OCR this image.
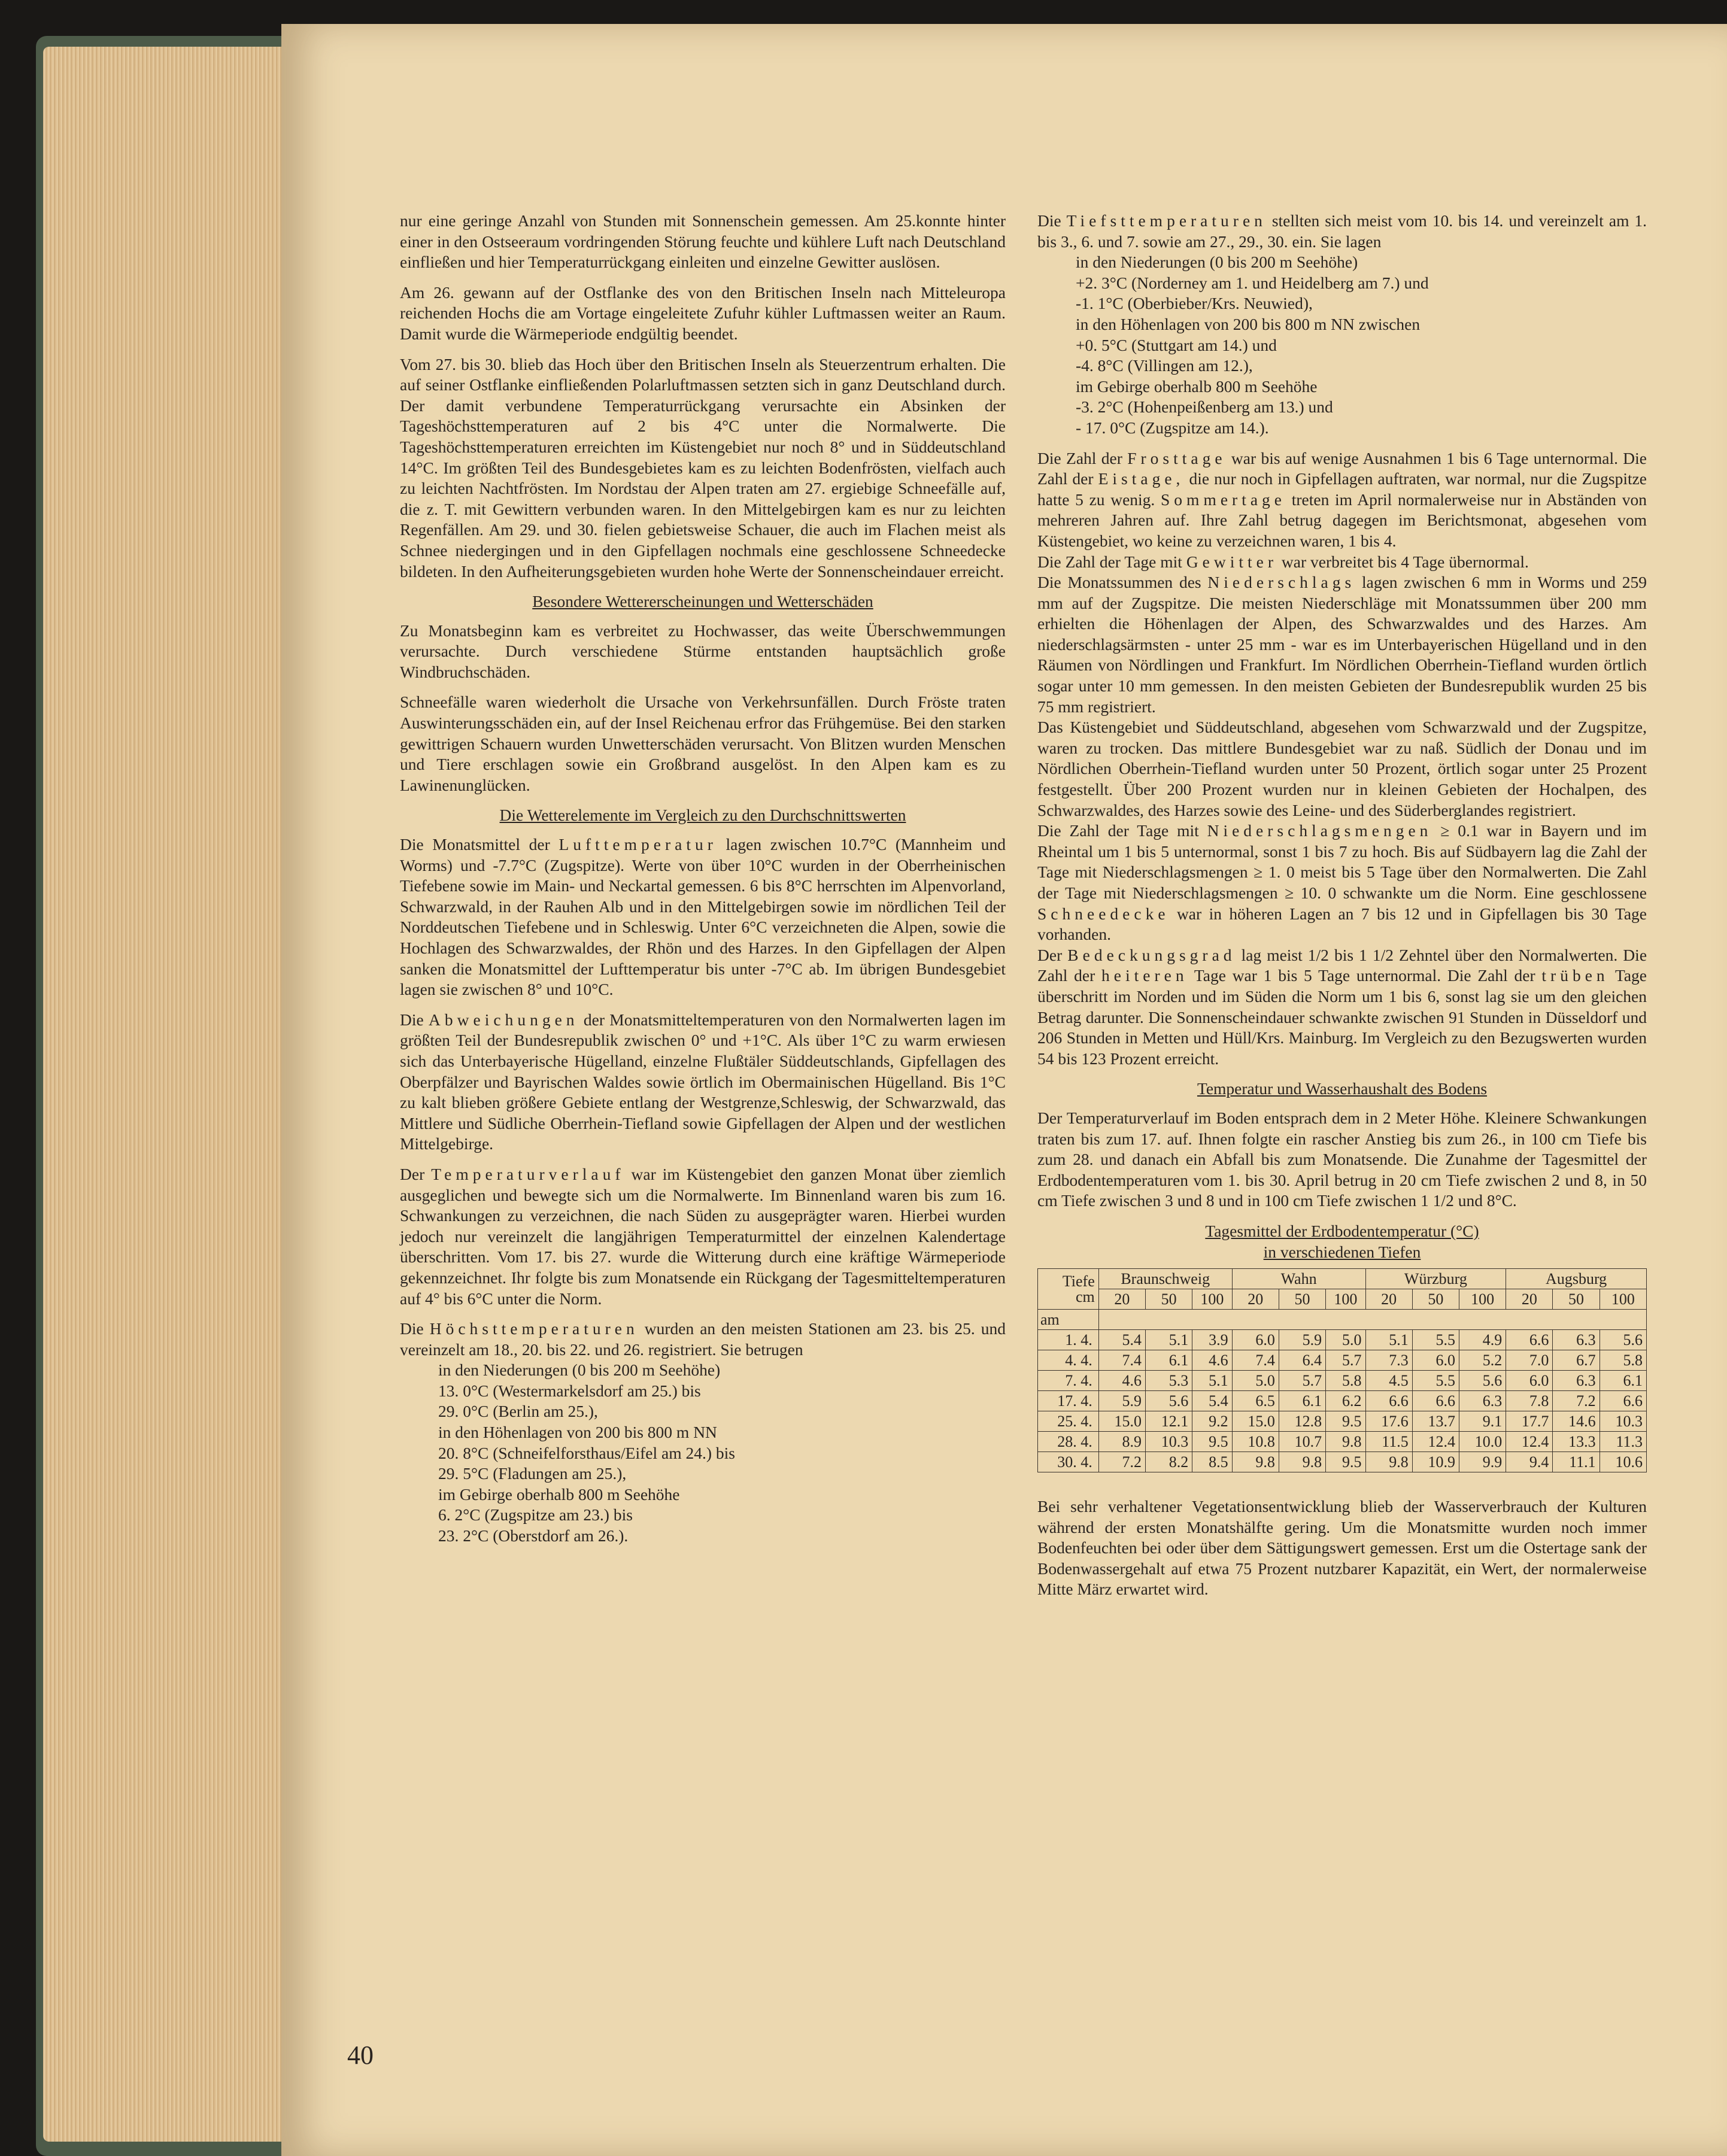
nur eine geringe Anzahl von Stunden mit Sonnenschein gemessen. Am 25.konnte hinter einer in den Ostseeraum vordringenden Störung feuchte und kühlere Luft nach Deutschland einfließen und hier Temperaturrückgang einleiten und einzelne Gewitter auslösen.

Am 26. gewann auf der Ostflanke des von den Britischen Inseln nach Mitteleuropa reichenden Hochs die am Vortage eingeleitete Zufuhr kühler Luftmassen weiter an Raum. Damit wurde die Wärmeperiode endgültig beendet.

Vom 27. bis 30. blieb das Hoch über den Britischen Inseln als Steuerzentrum erhalten. Die auf seiner Ostflanke einfließenden Polarluftmassen setzten sich in ganz Deutschland durch. Der damit verbundene Temperaturrückgang verursachte ein Absinken der Tageshöchsttemperaturen auf 2 bis 4°C unter die Normalwerte. Die Tageshöchsttemperaturen erreichten im Küstengebiet nur noch 8° und in Süddeutschland 14°C. Im größten Teil des Bundesgebietes kam es zu leichten Bodenfrösten, vielfach auch zu leichten Nachtfrösten. Im Nordstau der Alpen traten am 27. ergiebige Schneefälle auf, die z. T. mit Gewittern verbunden waren. In den Mittelgebirgen kam es nur zu leichten Regenfällen. Am 29. und 30. fielen gebietsweise Schauer, die auch im Flachen meist als Schnee niedergingen und in den Gipfellagen nochmals eine geschlossene Schneedecke bildeten. In den Aufheiterungsgebieten wurden hohe Werte der Sonnenscheindauer erreicht.

Besondere Wettererscheinungen und Wetterschäden

Zu Monatsbeginn kam es verbreitet zu Hochwasser, das weite Überschwemmungen verursachte. Durch verschiedene Stürme entstanden hauptsächlich große Windbruchschäden.

Schneefälle waren wiederholt die Ursache von Verkehrsunfällen. Durch Fröste traten Auswinterungsschäden ein, auf der Insel Reichenau erfror das Frühgemüse. Bei den starken gewittrigen Schauern wurden Unwetterschäden verursacht. Von Blitzen wurden Menschen und Tiere erschlagen sowie ein Großbrand ausgelöst. In den Alpen kam es zu Lawinenunglücken.

Die Wetterelemente im Vergleich zu den Durchschnittswerten

Die Monatsmittel der Lufttemperatur lagen zwischen 10.7°C (Mannheim und Worms) und -7.7°C (Zugspitze). Werte von über 10°C wurden in der Oberrheinischen Tiefebene sowie im Main- und Neckartal gemessen. 6 bis 8°C herrschten im Alpenvorland, Schwarzwald, in der Rauhen Alb und in den Mittelgebirgen sowie im nördlichen Teil der Norddeutschen Tiefebene und in Schleswig. Unter 6°C verzeichneten die Alpen, sowie die Hochlagen des Schwarzwaldes, der Rhön und des Harzes. In den Gipfellagen der Alpen sanken die Monatsmittel der Lufttemperatur bis unter -7°C ab. Im übrigen Bundesgebiet lagen sie zwischen 8° und 10°C.

Die Abweichungen der Monatsmitteltemperaturen von den Normalwerten lagen im größten Teil der Bundesrepublik zwischen 0° und +1°C. Als über 1°C zu warm erwiesen sich das Unterbayerische Hügelland, einzelne Flußtäler Süddeutschlands, Gipfellagen des Oberpfälzer und Bayrischen Waldes sowie örtlich im Obermainischen Hügelland. Bis 1°C zu kalt blieben größere Gebiete entlang der Westgrenze,Schleswig, der Schwarzwald, das Mittlere und Südliche Oberrhein-Tiefland sowie Gipfellagen der Alpen und der westlichen Mittelgebirge.

Der Temperaturverlauf war im Küstengebiet den ganzen Monat über ziemlich ausgeglichen und bewegte sich um die Normalwerte. Im Binnenland waren bis zum 16. Schwankungen zu verzeichnen, die nach Süden zu ausgeprägter waren. Hierbei wurden jedoch nur vereinzelt die langjährigen Temperaturmittel der einzelnen Kalendertage überschritten. Vom 17. bis 27. wurde die Witterung durch eine kräftige Wärmeperiode gekennzeichnet. Ihr folgte bis zum Monatsende ein Rückgang der Tagesmitteltemperaturen auf 4° bis 6°C unter die Norm.

Die Höchsttemperaturen wurden an den meisten Stationen am 23. bis 25. und vereinzelt am 18., 20. bis 22. und 26. registriert. Sie betrugen

in den Niederungen (0 bis 200 m Seehöhe)
13. 0°C (Westermarkelsdorf am 25.) bis
29. 0°C (Berlin am 25.),
in den Höhenlagen von 200 bis 800 m NN
20. 8°C (Schneifelforsthaus/Eifel am 24.) bis
29. 5°C (Fladungen am 25.),
im Gebirge oberhalb 800 m Seehöhe
6. 2°C (Zugspitze am 23.) bis
23. 2°C (Oberstdorf am 26.).

Die Tiefsttemperaturen stellten sich meist vom 10. bis 14. und vereinzelt am 1. bis 3., 6. und 7. sowie am 27., 29., 30. ein. Sie lagen

in den Niederungen (0 bis 200 m Seehöhe)
+2. 3°C (Norderney am 1. und Heidelberg am 7.) und
-1. 1°C (Oberbieber/Krs. Neuwied),
in den Höhenlagen von 200 bis 800 m NN zwischen
+0. 5°C (Stuttgart am 14.) und
-4. 8°C (Villingen am 12.),
im Gebirge oberhalb 800 m Seehöhe
-3. 2°C (Hohenpeißenberg am 13.) und
- 17. 0°C (Zugspitze am 14.).

Die Zahl der Frosttage war bis auf wenige Ausnahmen 1 bis 6 Tage unternormal. Die Zahl der Eistage, die nur noch in Gipfellagen auftraten, war normal, nur die Zugspitze hatte 5 zu wenig. Sommertage treten im April normalerweise nur in Abständen von mehreren Jahren auf. Ihre Zahl betrug dagegen im Berichtsmonat, abgesehen vom Küstengebiet, wo keine zu verzeichnen waren, 1 bis 4.

Die Zahl der Tage mit Gewitter war verbreitet bis 4 Tage übernormal.

Die Monatssummen des Niederschlags lagen zwischen 6 mm in Worms und 259 mm auf der Zugspitze. Die meisten Niederschläge mit Monatssummen über 200 mm erhielten die Höhenlagen der Alpen, des Schwarzwaldes und des Harzes. Am niederschlagsärmsten - unter 25 mm - war es im Unterbayerischen Hügelland und in den Räumen von Nördlingen und Frankfurt. Im Nördlichen Oberrhein-Tiefland wurden örtlich sogar unter 10 mm gemessen. In den meisten Gebieten der Bundesrepublik wurden 25 bis 75 mm registriert.

Das Küstengebiet und Süddeutschland, abgesehen vom Schwarzwald und der Zugspitze, waren zu trocken. Das mittlere Bundesgebiet war zu naß. Südlich der Donau und im Nördlichen Oberrhein-Tiefland wurden unter 50 Prozent, örtlich sogar unter 25 Prozent festgestellt. Über 200 Prozent wurden nur in kleinen Gebieten der Hochalpen, des Schwarzwaldes, des Harzes sowie des Leine- und des Süderberglandes registriert.

Die Zahl der Tage mit Niederschlagsmengen ≥ 0.1 war in Bayern und im Rheintal um 1 bis 5 unternormal, sonst 1 bis 7 zu hoch. Bis auf Südbayern lag die Zahl der Tage mit Niederschlagsmengen ≥ 1. 0 meist bis 5 Tage über den Normalwerten. Die Zahl der Tage mit Niederschlagsmengen ≥ 10. 0 schwankte um die Norm. Eine geschlossene Schneedecke war in höheren Lagen an 7 bis 12 und in Gipfellagen bis 30 Tage vorhanden.

Der Bedeckungsgrad lag meist 1/2 bis 1 1/2 Zehntel über den Normalwerten. Die Zahl der heiteren Tage war 1 bis 5 Tage unternormal. Die Zahl der trüben Tage überschritt im Norden und im Süden die Norm um 1 bis 6, sonst lag sie um den gleichen Betrag darunter. Die Sonnenscheindauer schwankte zwischen 91 Stunden in Düsseldorf und 206 Stunden in Metten und Hüll/Krs. Mainburg. Im Vergleich zu den Bezugswerten wurden 54 bis 123 Prozent erreicht.

Temperatur und Wasserhaushalt des Bodens

Der Temperaturverlauf im Boden entsprach dem in 2 Meter Höhe. Kleinere Schwankungen traten bis zum 17. auf. Ihnen folgte ein rascher Anstieg bis zum 26., in 100 cm Tiefe bis zum 28. und danach ein Abfall bis zum Monatsende. Die Zunahme der Tagesmittel der Erdbodentemperaturen vom 1. bis 30. April betrug in 20 cm Tiefe zwischen 2 und 8, in 50 cm Tiefe zwischen 3 und 8 und in 100 cm Tiefe zwischen 1 1/2 und 8°C.

Tagesmittel der Erdbodentemperatur (°C)
in verschiedenen Tiefen
Tiefe
cm	Braunschweig			Wahn			Würzburg			Augsburg		
	20	50	100	20	50	100	20	50	100	20	50	100
am												
1. 4.	5.4	5.1	3.9	6.0	5.9	5.0	5.1	5.5	4.9	6.6	6.3	5.6
4. 4.	7.4	6.1	4.6	7.4	6.4	5.7	7.3	6.0	5.2	7.0	6.7	5.8
7. 4.	4.6	5.3	5.1	5.0	5.7	5.8	4.5	5.5	5.6	6.0	6.3	6.1
17. 4.	5.9	5.6	5.4	6.5	6.1	6.2	6.6	6.6	6.3	7.8	7.2	6.6
25. 4.	15.0	12.1	9.2	15.0	12.8	9.5	17.6	13.7	9.1	17.7	14.6	10.3
28. 4.	8.9	10.3	9.5	10.8	10.7	9.8	11.5	12.4	10.0	12.4	13.3	11.3
30. 4.	7.2	8.2	8.5	9.8	9.8	9.5	9.8	10.9	9.9	9.4	11.1	10.6

Bei sehr verhaltener Vegetationsentwicklung blieb der Wasserverbrauch der Kulturen während der ersten Monatshälfte gering. Um die Monatsmitte wurden noch immer Bodenfeuchten bei oder über dem Sättigungswert gemessen. Erst um die Ostertage sank der Bodenwassergehalt auf etwa 75 Prozent nutzbarer Kapazität, ein Wert, der normalerweise Mitte März erwartet wird.

40
